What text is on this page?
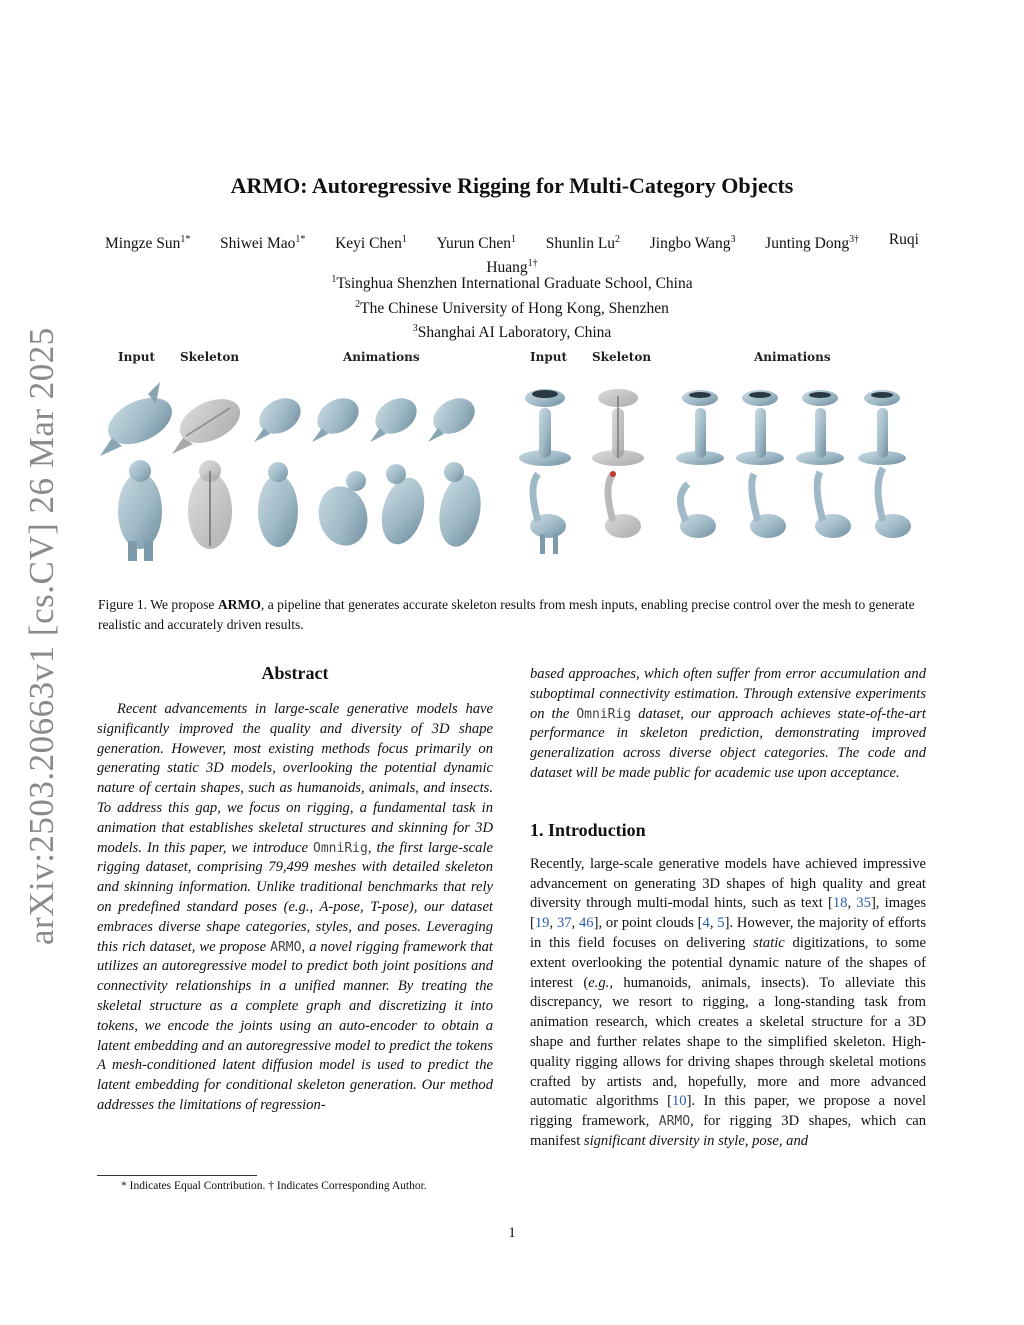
arXiv:2503.20663v1 [cs.CV] 26 Mar 2025
ARMO: Autoregressive Rigging for Multi-Category Objects
Mingze Sun$^{1*}$ Shiwei Mao$^{1*}$ Keyi Chen$^1$ Yurun Chen$^1$ Shunlin Lu$^2$ Jingbo Wang$^3$ Junting Dong$^{3\dagger}$ Ruqi
Huang$^{1\dagger}$
$^1$Tsinghua Shenzhen International Graduate School, China
$^2$The Chinese University of Hong Kong, Shenzhen
$^3$Shanghai AI Laboratory, China
Input Skeleton	Animations	Input Skeleton	Animations
Figure 1. We propose ARMO, a pipeline that generates accurate skeleton results from mesh inputs, enabling precise control over the mesh to generate realistic and accurately driven results.
Abstract

Recent advancements in large-scale generative models have significantly improved the quality and diversity of 3D shape generation. However, most existing methods focus primarily on generating static 3D models, overlooking the potential dynamic nature of certain shapes, such as humanoids, animals, and insects. To address this gap, we focus on rigging, a fundamental task in animation that establishes skeletal structures and skinning for 3D models. In this paper, we introduce OmniRig, the first large-scale rigging dataset, comprising 79,499 meshes with detailed skeleton and skinning information. Unlike traditional benchmarks that rely on predefined standard poses (e.g., A-pose, T-pose), our dataset embraces diverse shape categories, styles, and poses. Leveraging this rich dataset, we propose ARMO, a novel rigging framework that utilizes an autoregressive model to predict both joint positions and connectivity relationships in a unified manner. By treating the skeletal structure as a complete graph and discretizing it into tokens, we encode the joints using an auto-encoder to obtain a latent embedding and an autoregressive model to predict the tokens A mesh-conditioned latent diffusion model is used to predict the latent embedding for conditional skeleton generation. Our method addresses the limitations of regression-

* Indicates Equal Contribution. † Indicates Corresponding Author.

based approaches, which often suffer from error accumulation and suboptimal connectivity estimation. Through extensive experiments on the OmniRig dataset, our approach achieves state-of-the-art performance in skeleton prediction, demonstrating improved generalization across diverse object categories. The code and dataset will be made public for academic use upon acceptance.

1. Introduction

Recently, large-scale generative models have achieved impressive advancement on generating 3D shapes of high quality and great diversity through multi-modal hints, such as text [18, 35], images [19, 37, 46], or point clouds [4, 5]. However, the majority of efforts in this field focuses on delivering static digitizations, to some extent overlooking the potential dynamic nature of the shapes of interest (e.g., humanoids, animals, insects). To alleviate this discrepancy, we resort to rigging, a long-standing task from animation research, which creates a skeletal structure for a 3D shape and further relates shape to the simplified skeleton. High-quality rigging allows for driving shapes through skeletal motions crafted by artists and, hopefully, more and more advanced automatic algorithms [10]. In this paper, we propose a novel rigging framework, ARMO, for rigging 3D shapes, which can manifest significant diversity in style, pose, and

1
